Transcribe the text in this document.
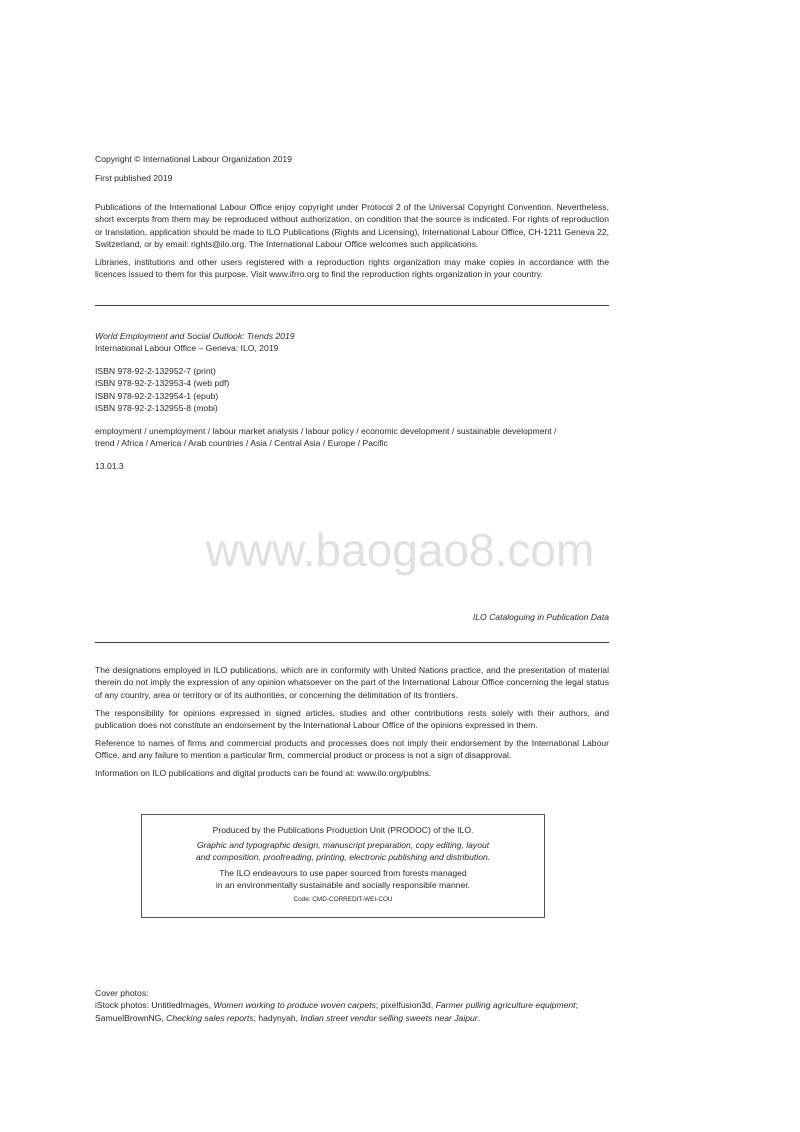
Copyright © International Labour Organization 2019

First published 2019

Publications of the International Labour Office enjoy copyright under Protocol 2 of the Universal Copyright Convention. Nevertheless, short excerpts from them may be reproduced without authorization, on condition that the source is indicated. For rights of reproduction or translation, application should be made to ILO Publications (Rights and Licensing), International Labour Office, CH-1211 Geneva 22, Switzerland, or by email: rights@ilo.org. The International Labour Office welcomes such applications.

Libraries, institutions and other users registered with a reproduction rights organization may make copies in accordance with the licences issued to them for this purpose. Visit www.ifrro.org to find the reproduction rights organization in your country.

World Employment and Social Outlook: Trends 2019
International Labour Office – Geneva: ILO, 2019
ISBN 978-92-2-132952-7 (print)
ISBN 978-92-2-132953-4 (web pdf)
ISBN 978-92-2-132954-1 (epub)
ISBN 978-92-2-132955-8 (mobi)
employment / unemployment / labour market analysis / labour policy / economic development / sustainable development /
trend / Africa / America / Arab countries / Asia / Central Asia / Europe / Pacific

13.01.3

www.baogao8.com

ILO Cataloguing in Publication Data

The designations employed in ILO publications, which are in conformity with United Nations practice, and the presentation of material therein do not imply the expression of any opinion whatsoever on the part of the International Labour Office concerning the legal status of any country, area or territory or of its authorities, or concerning the delimitation of its frontiers.

The responsibility for opinions expressed in signed articles, studies and other contributions rests solely with their authors, and publication does not constitute an endorsement by the International Labour Office of the opinions expressed in them.

Reference to names of firms and commercial products and processes does not imply their endorsement by the International Labour Office, and any failure to mention a particular firm, commercial product or process is not a sign of disapproval.

Information on ILO publications and digital products can be found at: www.ilo.org/publns.

Produced by the Publications Production Unit (PRODOC) of the ILO.
Graphic and typographic design, manuscript preparation, copy editing, layout
and composition, proofreading, printing, electronic publishing and distribution.
The ILO endeavours to use paper sourced from forests managed
in an environmentally sustainable and socially responsible manner.
Code: CMD-CORREDIT-WEI-COU
Cover photos:
iStock photos: UntitledImages, Women working to produce woven carpets; pixelfusion3d, Farmer pulling agriculture equipment;
SamuelBrownNG, Checking sales reports; hadynyah, Indian street vendor selling sweets near Jaipur.
